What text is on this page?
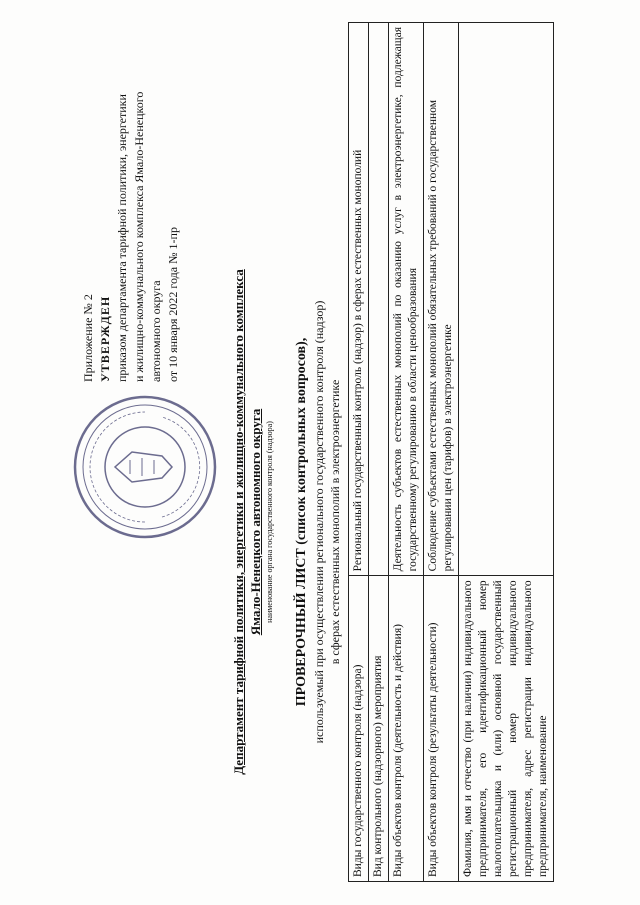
Приложение № 2 УТВЕРЖДЕН приказом департамента тарифной политики, энергетики и жилищно-коммунального комплекса Ямало-Ненецкого автономного округа от 10 января 2022 года № 1-пр	Департамент тарифной политики, энергетики и жилищно-коммунального комплекса Ямало-Ненецкого автономного округа наименование органа государственного контроля (надзора) ПРОВЕРОЧНЫЙ ЛИСТ (список контрольных вопросов), используемый при осуществлении регионального государственного контроля (надзор) в сферах естественных монополий в электроэнергетике

Виды государственного контроля (надзора)	Региональный государственный контроль (надзор) в сферах естественных монополий
Вид контрольного (надзорного) мероприятия	
Виды объектов контроля (деятельность и действия)	Деятельность субъектов естественных монополий по оказанию услуг в электроэнергетике, подлежащая государственному регулированию в области ценообразования
Виды объектов контроля (результаты деятельности)	Соблюдение субъектами естественных монополий обязательных требований о государственном регулировании цен (тарифов) в электроэнергетике
Фамилия, имя и отчество (при наличии) индивидуального предпринимателя, его идентификационный номер налогоплательщика и (или) основной государственный регистрационный номер индивидуального предпринимателя, адрес регистрации индивидуального предпринимателя, наименование	
